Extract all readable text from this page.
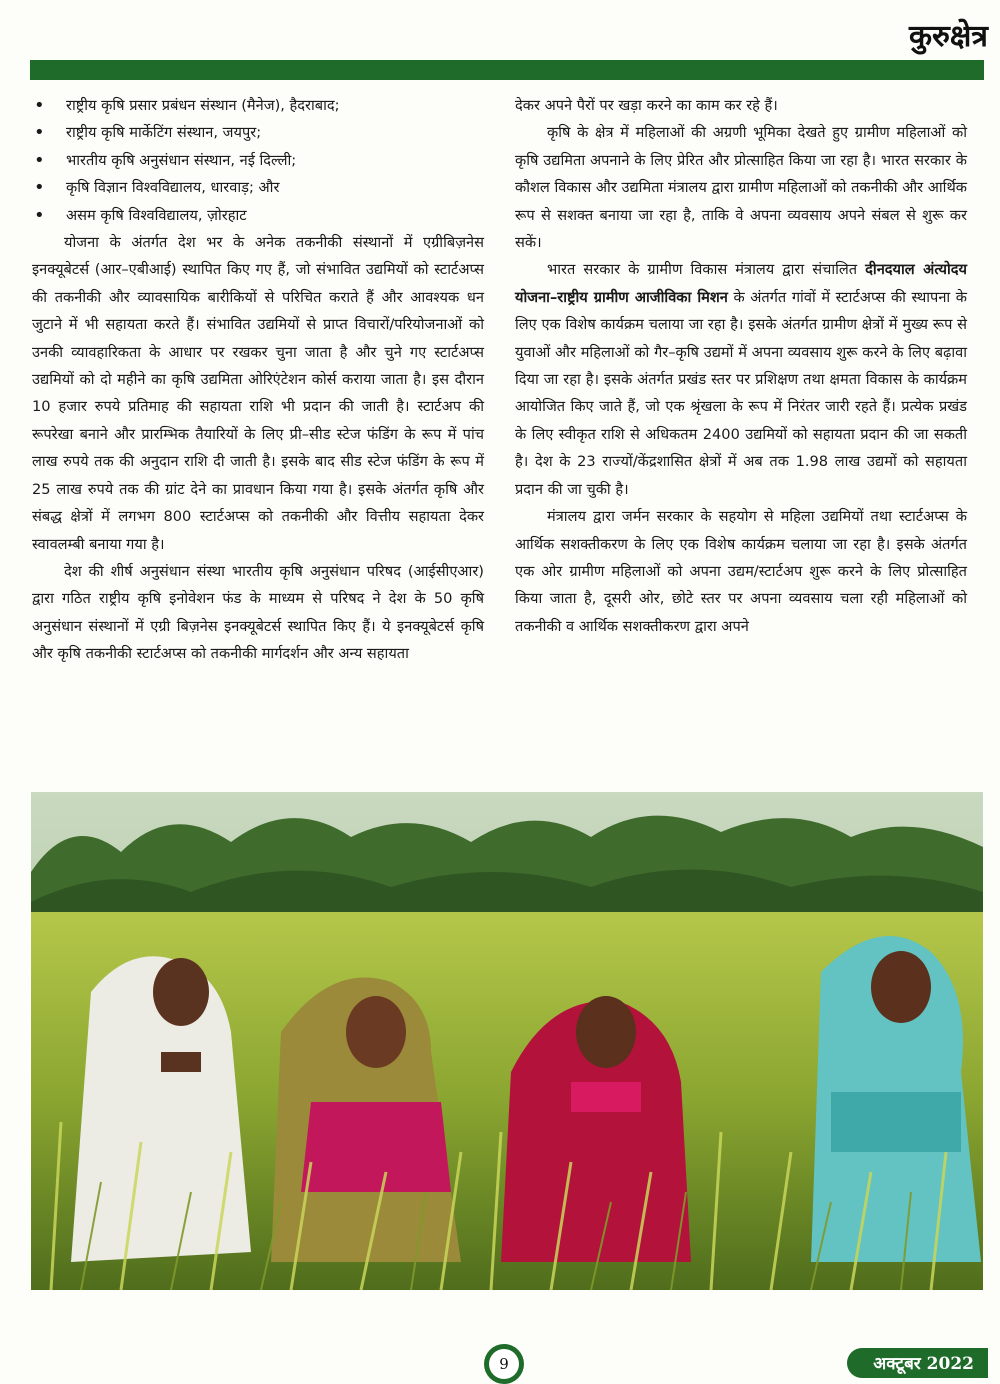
कुरुक्षेत्र
• राष्ट्रीय कृषि प्रसार प्रबंधन संस्थान (मैनेज), हैदराबाद;
• राष्ट्रीय कृषि मार्केटिंग संस्थान, जयपुर;
• भारतीय कृषि अनुसंधान संस्थान, नई दिल्ली;
• कृषि विज्ञान विश्वविद्यालय, धारवाड़; और
• असम कृषि विश्वविद्यालय, ज़ोरहाट

योजना के अंतर्गत देश भर के अनेक तकनीकी संस्थानों में एग्रीबिज़नेस इनक्यूबेटर्स (आर–एबीआई) स्थापित किए गए हैं, जो संभावित उद्यमियों को स्टार्टअप्स की तकनीकी और व्यावसायिक बारीकियों से परिचित कराते हैं और आवश्यक धन जुटाने में भी सहायता करते हैं। संभावित उद्यमियों से प्राप्त विचारों/परियोजनाओं को उनकी व्यावहारिकता के आधार पर रखकर चुना जाता है और चुने गए स्टार्टअप्स उद्यमियों को दो महीने का कृषि उद्यमिता ओरिएंटेशन कोर्स कराया जाता है। इस दौरान 10 हजार रुपये प्रतिमाह की सहायता राशि भी प्रदान की जाती है। स्टार्टअप की रूपरेखा बनाने और प्रारम्भिक तैयारियों के लिए प्री–सीड स्टेज फंडिंग के रूप में पांच लाख रुपये तक की अनुदान राशि दी जाती है। इसके बाद सीड स्टेज फंडिंग के रूप में 25 लाख रुपये तक की ग्रांट देने का प्रावधान किया गया है। इसके अंतर्गत कृषि और संबद्ध क्षेत्रों में लगभग 800 स्टार्टअप्स को तकनीकी और वित्तीय सहायता देकर स्वावलम्बी बनाया गया है।

देश की शीर्ष अनुसंधान संस्था भारतीय कृषि अनुसंधान परिषद (आईसीएआर) द्वारा गठित राष्ट्रीय कृषि इनोवेशन फंड के माध्यम से परिषद ने देश के 50 कृषि अनुसंधान संस्थानों में एग्री बिज़नेस इनक्यूबेटर्स स्थापित किए हैं। ये इनक्यूबेटर्स कृषि और कृषि तकनीकी स्टार्टअप्स को तकनीकी मार्गदर्शन और अन्य सहायता

देकर अपने पैरों पर खड़ा करने का काम कर रहे हैं।

कृषि के क्षेत्र में महिलाओं की अग्रणी भूमिका देखते हुए ग्रामीण महिलाओं को कृषि उद्यमिता अपनाने के लिए प्रेरित और प्रोत्साहित किया जा रहा है। भारत सरकार के कौशल विकास और उद्यमिता मंत्रालय द्वारा ग्रामीण महिलाओं को तकनीकी और आर्थिक रूप से सशक्त बनाया जा रहा है, ताकि वे अपना व्यवसाय अपने संबल से शुरू कर सकें।

भारत सरकार के ग्रामीण विकास मंत्रालय द्वारा संचालित दीनदयाल अंत्योदय योजना–राष्ट्रीय ग्रामीण आजीविका मिशन के अंतर्गत गांवों में स्टार्टअप्स की स्थापना के लिए एक विशेष कार्यक्रम चलाया जा रहा है। इसके अंतर्गत ग्रामीण क्षेत्रों में मुख्य रूप से युवाओं और महिलाओं को गैर–कृषि उद्यमों में अपना व्यवसाय शुरू करने के लिए बढ़ावा दिया जा रहा है। इसके अंतर्गत प्रखंड स्तर पर प्रशिक्षण तथा क्षमता विकास के कार्यक्रम आयोजित किए जाते हैं, जो एक श्रृंखला के रूप में निरंतर जारी रहते हैं। प्रत्येक प्रखंड के लिए स्वीकृत राशि से अधिकतम 2400 उद्यमियों को सहायता प्रदान की जा सकती है। देश के 23 राज्यों/केंद्रशासित क्षेत्रों में अब तक 1.98 लाख उद्यमों को सहायता प्रदान की जा चुकी है।

मंत्रालय द्वारा जर्मन सरकार के सहयोग से महिला उद्यमियों तथा स्टार्टअप्स के आर्थिक सशक्तीकरण के लिए एक विशेष कार्यक्रम चलाया जा रहा है। इसके अंतर्गत एक ओर ग्रामीण महिलाओं को अपना उद्यम/स्टार्टअप शुरू करने के लिए प्रोत्साहित किया जाता है, दूसरी ओर, छोटे स्तर पर अपना व्यवसाय चला रही महिलाओं को तकनीकी व आर्थिक सशक्तीकरण द्वारा अपने

9	अक्टूबर 2022
